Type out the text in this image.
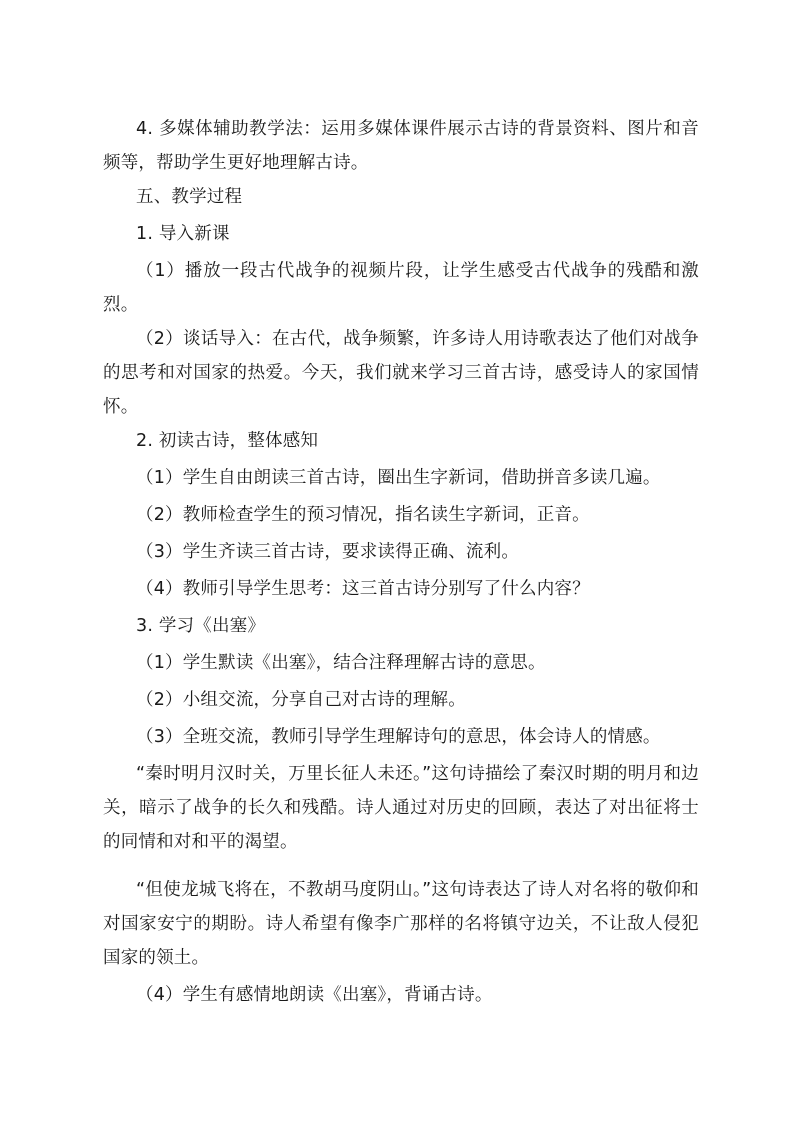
4. 多媒体辅助教学法：运用多媒体课件展示古诗的背景资料、图片和音频等，帮助学生更好地理解古诗。

五、教学过程

1. 导入新课

（1）播放一段古代战争的视频片段，让学生感受古代战争的残酷和激烈。

（2）谈话导入：在古代，战争频繁，许多诗人用诗歌表达了他们对战争的思考和对国家的热爱。今天，我们就来学习三首古诗，感受诗人的家国情怀。

2. 初读古诗，整体感知

（1）学生自由朗读三首古诗，圈出生字新词，借助拼音多读几遍。

（2）教师检查学生的预习情况，指名读生字新词，正音。

（3）学生齐读三首古诗，要求读得正确、流利。

（4）教师引导学生思考：这三首古诗分别写了什么内容？

3. 学习《出塞》

（1）学生默读《出塞》，结合注释理解古诗的意思。

（2）小组交流，分享自己对古诗的理解。

（3）全班交流，教师引导学生理解诗句的意思，体会诗人的情感。

“秦时明月汉时关，万里长征人未还。”这句诗描绘了秦汉时期的明月和边关，暗示了战争的长久和残酷。诗人通过对历史的回顾，表达了对出征将士的同情和对和平的渴望。

“但使龙城飞将在，不教胡马度阴山。”这句诗表达了诗人对名将的敬仰和对国家安宁的期盼。诗人希望有像李广那样的名将镇守边关，不让敌人侵犯国家的领土。

（4）学生有感情地朗读《出塞》，背诵古诗。
